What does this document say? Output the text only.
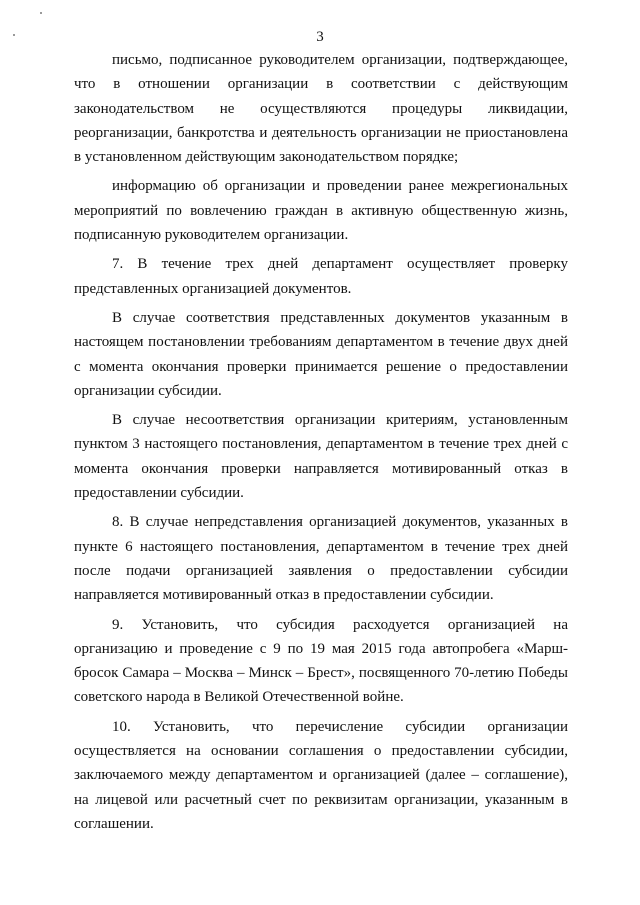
3

письмо, подписанное руководителем организации, подтверждающее, что в отношении организации в соответствии с действующим законодательством не осуществляются процедуры ликвидации, реорганизации, банкротства и деятельность организации не приостановлена в установленном действующим законодательством порядке;

информацию об организации и проведении ранее межрегиональных мероприятий по вовлечению граждан в активную общественную жизнь, подписанную руководителем организации.

7. В течение трех дней департамент осуществляет проверку представленных организацией документов.

В случае соответствия представленных документов указанным в настоящем постановлении требованиям департаментом в течение двух дней с момента окончания проверки принимается решение о предоставлении организации субсидии.

В случае несоответствия организации критериям, установленным пунктом 3 настоящего постановления, департаментом в течение трех дней с момента окончания проверки направляется мотивированный отказ в предоставлении субсидии.

8. В случае непредставления организацией документов, указанных в пункте 6 настоящего постановления, департаментом в течение трех дней после подачи организацией заявления о предоставлении субсидии направляется мотивированный отказ в предоставлении субсидии.

9. Установить, что субсидия расходуется организацией на организацию и проведение с 9 по 19 мая 2015 года автопробега «Марш-бросок Самара – Москва – Минск – Брест», посвященного 70-летию Победы советского народа в Великой Отечественной войне.

10. Установить, что перечисление субсидии организации осуществляется на основании соглашения о предоставлении субсидии, заключаемого между департаментом и организацией (далее – соглашение), на лицевой или расчетный счет по реквизитам организации, указанным в соглашении.
